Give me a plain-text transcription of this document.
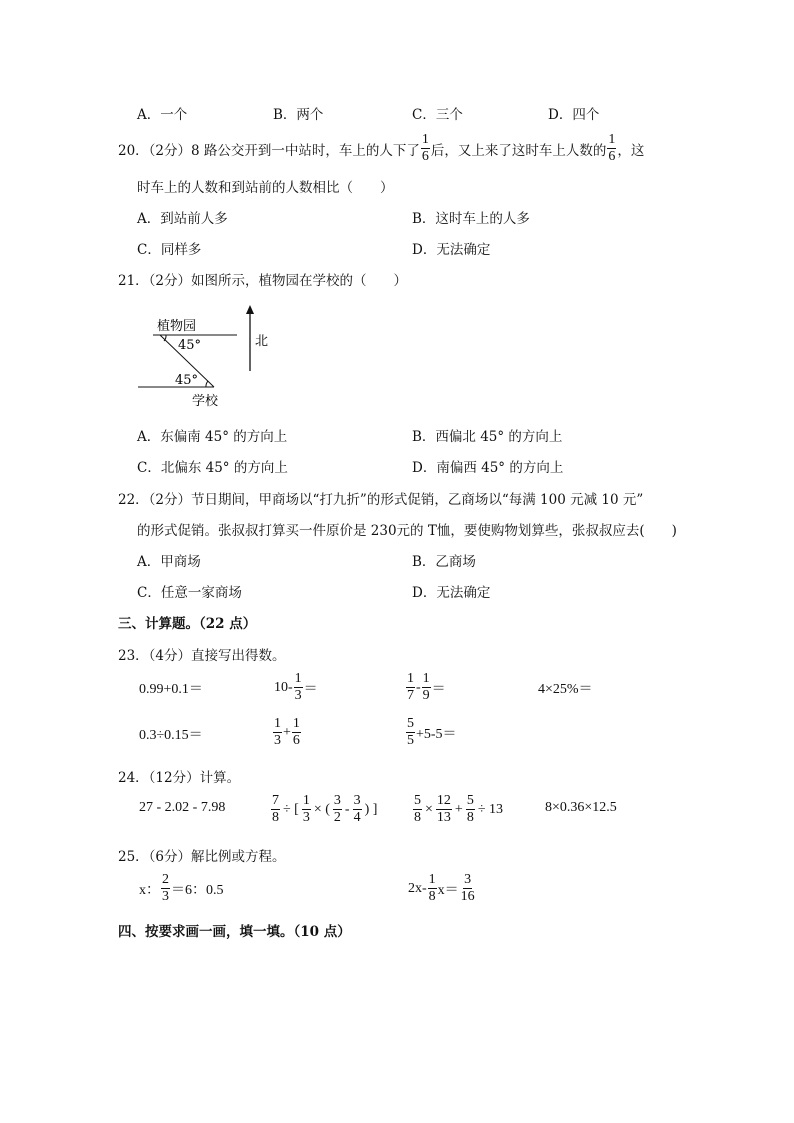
A．一个	B．两个	C．三个	D．四个
20．（2分）8 路公交开到一中站时，车上的人下了 $\frac{1}{6}$ 后，又上来了这时车上人数的 $\frac{1}{6}$ ，这
时车上的人数和到站前的人数相比（　　）
A．到站前人多	B．这时车上的人多
C．同样多	D．无法确定
21．（2分）如图所示，植物园在学校的（　　）
植物园
45°
45°
学校
北
A．东偏南 45° 的方向上	B．西偏北 45° 的方向上
C．北偏东 45° 的方向上	D．南偏西 45° 的方向上
22．（2分）节日期间，甲商场以“打九折”的形式促销，乙商场以“每满 100 元减 10 元”
的形式促销。张叔叔打算买一件原价是 230元的 T恤，要使购物划算些，张叔叔应去(　　)
A．甲商场	B．乙商场
C．任意一家商场	D．无法确定
三、计算题。（22 点）
23．（4分）直接写出得数。
0.99+0.1＝	$10- \frac{1}{3}$ ＝	$\frac{1}{7} - \frac{1}{9}$ ＝	4×25%＝
0.3÷0.15＝	$\frac{1}{3} + \frac{1}{6}$	$\frac{5}{5} +5-5=$
24．（12分）计算。
27 - 2.02 - 7.98	$\frac{7}{8}$ ÷ [ $\frac{1}{3}$ × ( $\frac{3}{2} - \frac{3}{4}$ ) ]	$\frac{5}{8} \times \frac{12}{13} + \frac{5}{8} \div 13$	8×0.36×12.5
25．（6分）解比例或方程。
x： $\frac{2}{3} =6$：0.5	$2x- \frac{1}{8} x= \frac{3}{16}$
四、按要求画一画，填一填。（10 点）
